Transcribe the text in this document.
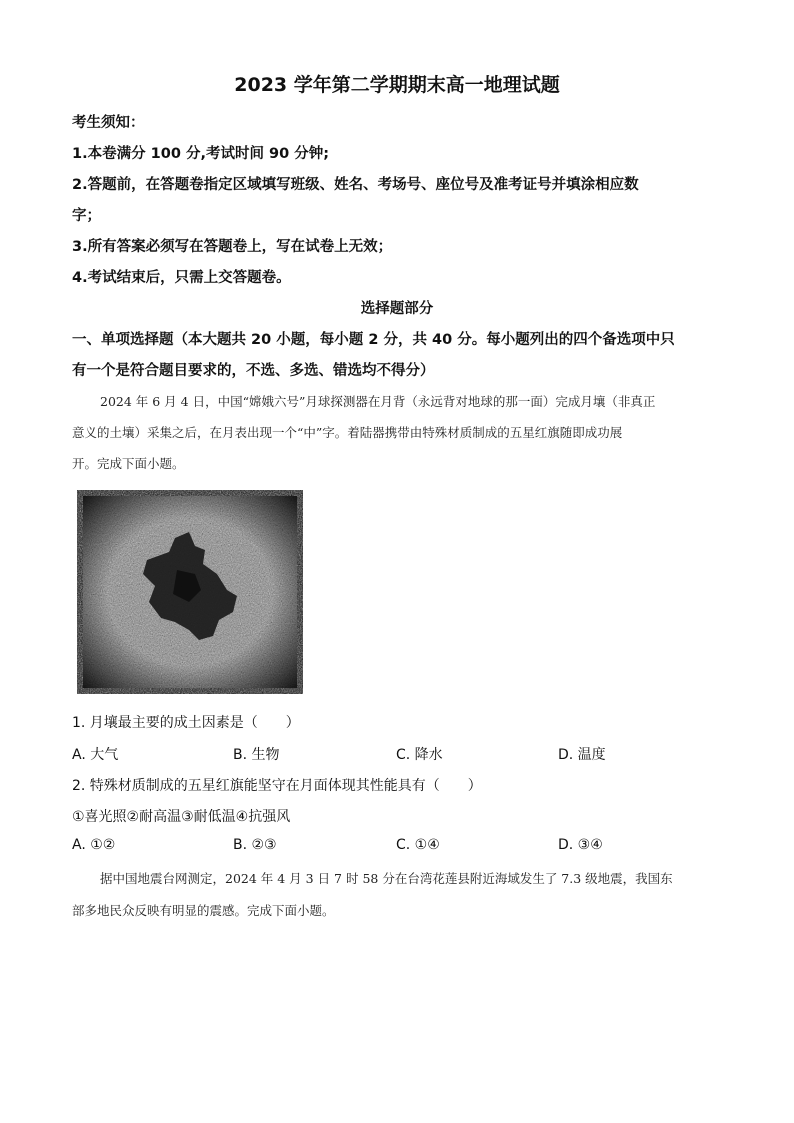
2023 学年第二学期期末高一地理试题
考生须知：
1.本卷满分 100 分,考试时间 90 分钟;
2.答题前，在答题卷指定区域填写班级、姓名、考场号、座位号及准考证号并填涂相应数
字；
3.所有答案必须写在答题卷上，写在试卷上无效；
4.考试结束后，只需上交答题卷。
选择题部分
一、单项选择题（本大题共 20 小题，每小题 2 分，共 40 分。每小题列出的四个备选项中只
有一个是符合题目要求的，不选、多选、错选均不得分）
2024 年 6 月 4 日，中国“嫦娥六号”月球探测器在月背（永远背对地球的那一面）完成月壤（非真正
意义的土壤）采集之后，在月表出现一个“中”字。着陆器携带由特殊材质制成的五星红旗随即成功展
开。完成下面小题。
1. 月壤最主要的成土因素是（　　）
A. 大气	B. 生物	C. 降水	D. 温度
2. 特殊材质制成的五星红旗能坚守在月面体现其性能具有（　　）
①喜光照②耐高温③耐低温④抗强风
A. ①②	B. ②③	C. ①④	D. ③④
据中国地震台网测定，2024 年 4 月 3 日 7 时 58 分在台湾花莲县附近海域发生了 7.3 级地震，我国东
部多地民众反映有明显的震感。完成下面小题。
